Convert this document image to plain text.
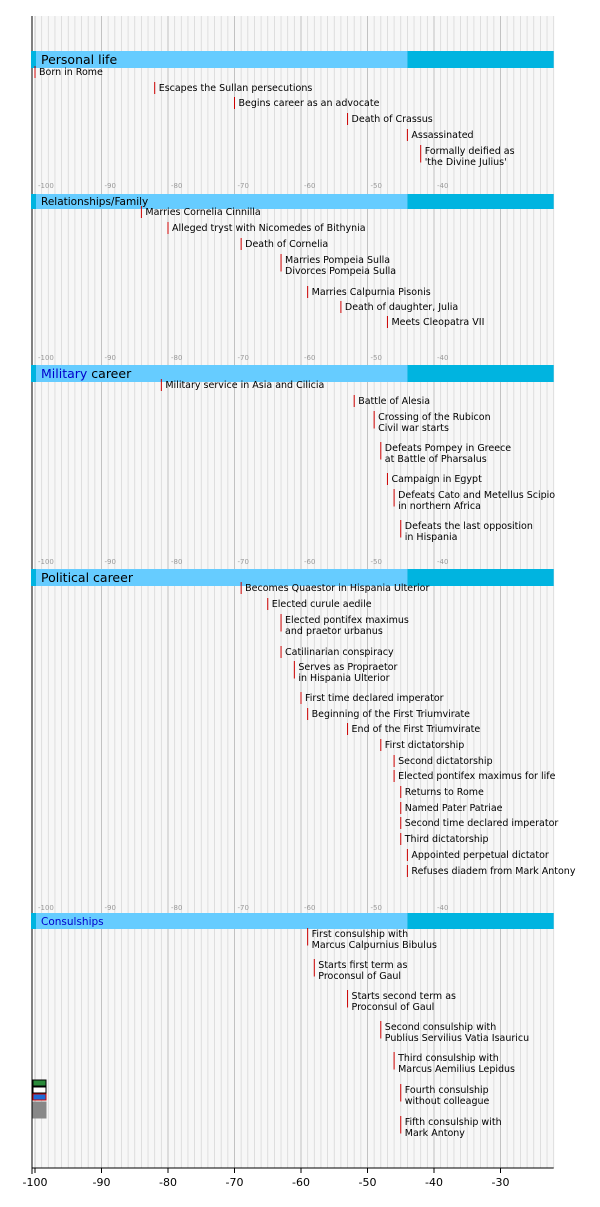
-100	-90	-80	-70	-60	-50	-40	-30
Personal life
Born in Rome
Escapes the Sullan persecutions
Begins career as an advocate
Death of Crassus
Assassinated
Formally deified as
'the Divine Julius'
-100	-90	-80	-70	-60	-50	-40
Relationships/Family
Marries Cornelia Cinnilla
Alleged tryst with Nicomedes of Bithynia
Death of Cornelia
Marries Pompeia Sulla
Divorces Pompeia Sulla
Marries Calpurnia Pisonis
Death of daughter, Julia
Meets Cleopatra VII
-100	-90	-80	-70	-60	-50	-40
Military career
Military service in Asia and Cilicia
Battle of Alesia
Crossing of the Rubicon
Civil war starts
Defeats Pompey in Greece
at Battle of Pharsalus
Campaign in Egypt
Defeats Cato and Metellus Scipio
in northern Africa
Defeats the last opposition
in Hispania
-100	-90	-80	-70	-60	-50	-40
Political career
Becomes Quaestor in Hispania Ulterior
Elected curule aedile
Elected pontifex maximus
and praetor urbanus
Catilinarian conspiracy
Serves as Propraetor
in Hispania Ulterior
First time declared imperator
Beginning of the First Triumvirate
End of the First Triumvirate
First dictatorship
Second dictatorship
Elected pontifex maximus for life
Returns to Rome
Named Pater Patriae
Second time declared imperator
Third dictatorship
Appointed perpetual dictator
Refuses diadem from Mark Antony
-100	-90	-80	-70	-60	-50	-40
Consulships
First consulship with
Marcus Calpurnius Bibulus
Starts first term as
Proconsul of Gaul
Starts second term as
Proconsul of Gaul
Second consulship with
Publius Servilius Vatia Isauricu
Third consulship with
Marcus Aemilius Lepidus
Fourth consulship
without colleague
Fifth consulship with
Mark Antony
